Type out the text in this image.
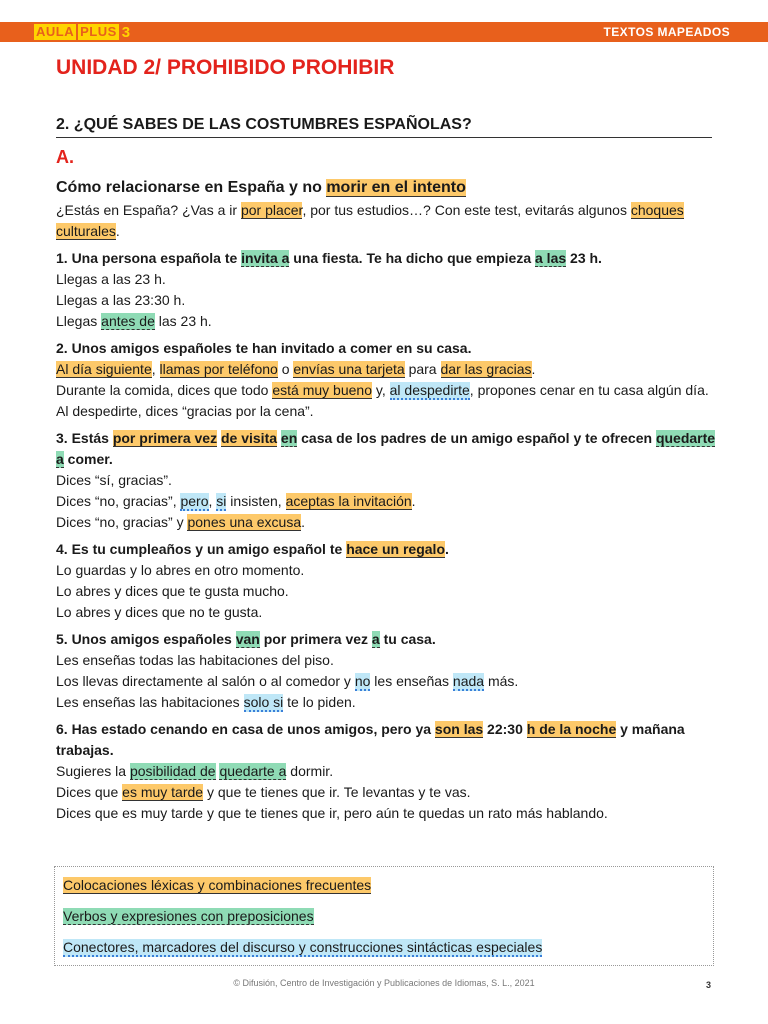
AULA PLUS 3	TEXTOS MAPEADOS
UNIDAD 2/ PROHIBIDO PROHIBIR
2. ¿QUÉ SABES DE LAS COSTUMBRES ESPAÑOLAS?
A.

Cómo relacionarse en España y no morir en el intento

¿Estás en España? ¿Vas a ir por placer, por tus estudios…? Con este test, evitarás algunos choques culturales.

1. Una persona española te invita a una fiesta. Te ha dicho que empieza a las 23 h.

Llegas a las 23 h.

Llegas a las 23:30 h.

Llegas antes de las 23 h.

2. Unos amigos españoles te han invitado a comer en su casa.

Al día siguiente, llamas por teléfono o envías una tarjeta para dar las gracias.

Durante la comida, dices que todo está muy bueno y, al despedirte, propones cenar en tu casa algún día.

Al despedirte, dices “gracias por la cena”.

3. Estás por primera vez de visita en casa de los padres de un amigo español y te ofrecen quedarte a comer.

Dices “sí, gracias”.

Dices “no, gracias”, pero, si insisten, aceptas la invitación.

Dices “no, gracias” y pones una excusa.

4. Es tu cumpleaños y un amigo español te hace un regalo.

Lo guardas y lo abres en otro momento.

Lo abres y dices que te gusta mucho.

Lo abres y dices que no te gusta.

5. Unos amigos españoles van por primera vez a tu casa.

Les enseñas todas las habitaciones del piso.

Los llevas directamente al salón o al comedor y no les enseñas nada más.

Les enseñas las habitaciones solo si te lo piden.

6. Has estado cenando en casa de unos amigos, pero ya son las 22:30 h de la noche y mañana trabajas.

Sugieres la posibilidad de quedarte a dormir.

Dices que es muy tarde y que te tienes que ir. Te levantas y te vas.

Dices que es muy tarde y que te tienes que ir, pero aún te quedas un rato más hablando.

Colocaciones léxicas y combinaciones frecuentes

Verbos y expresiones con preposiciones

Conectores, marcadores del discurso y construcciones sintácticas especiales

© Difusión, Centro de Investigación y Publicaciones de Idiomas, S. L., 2021	3
